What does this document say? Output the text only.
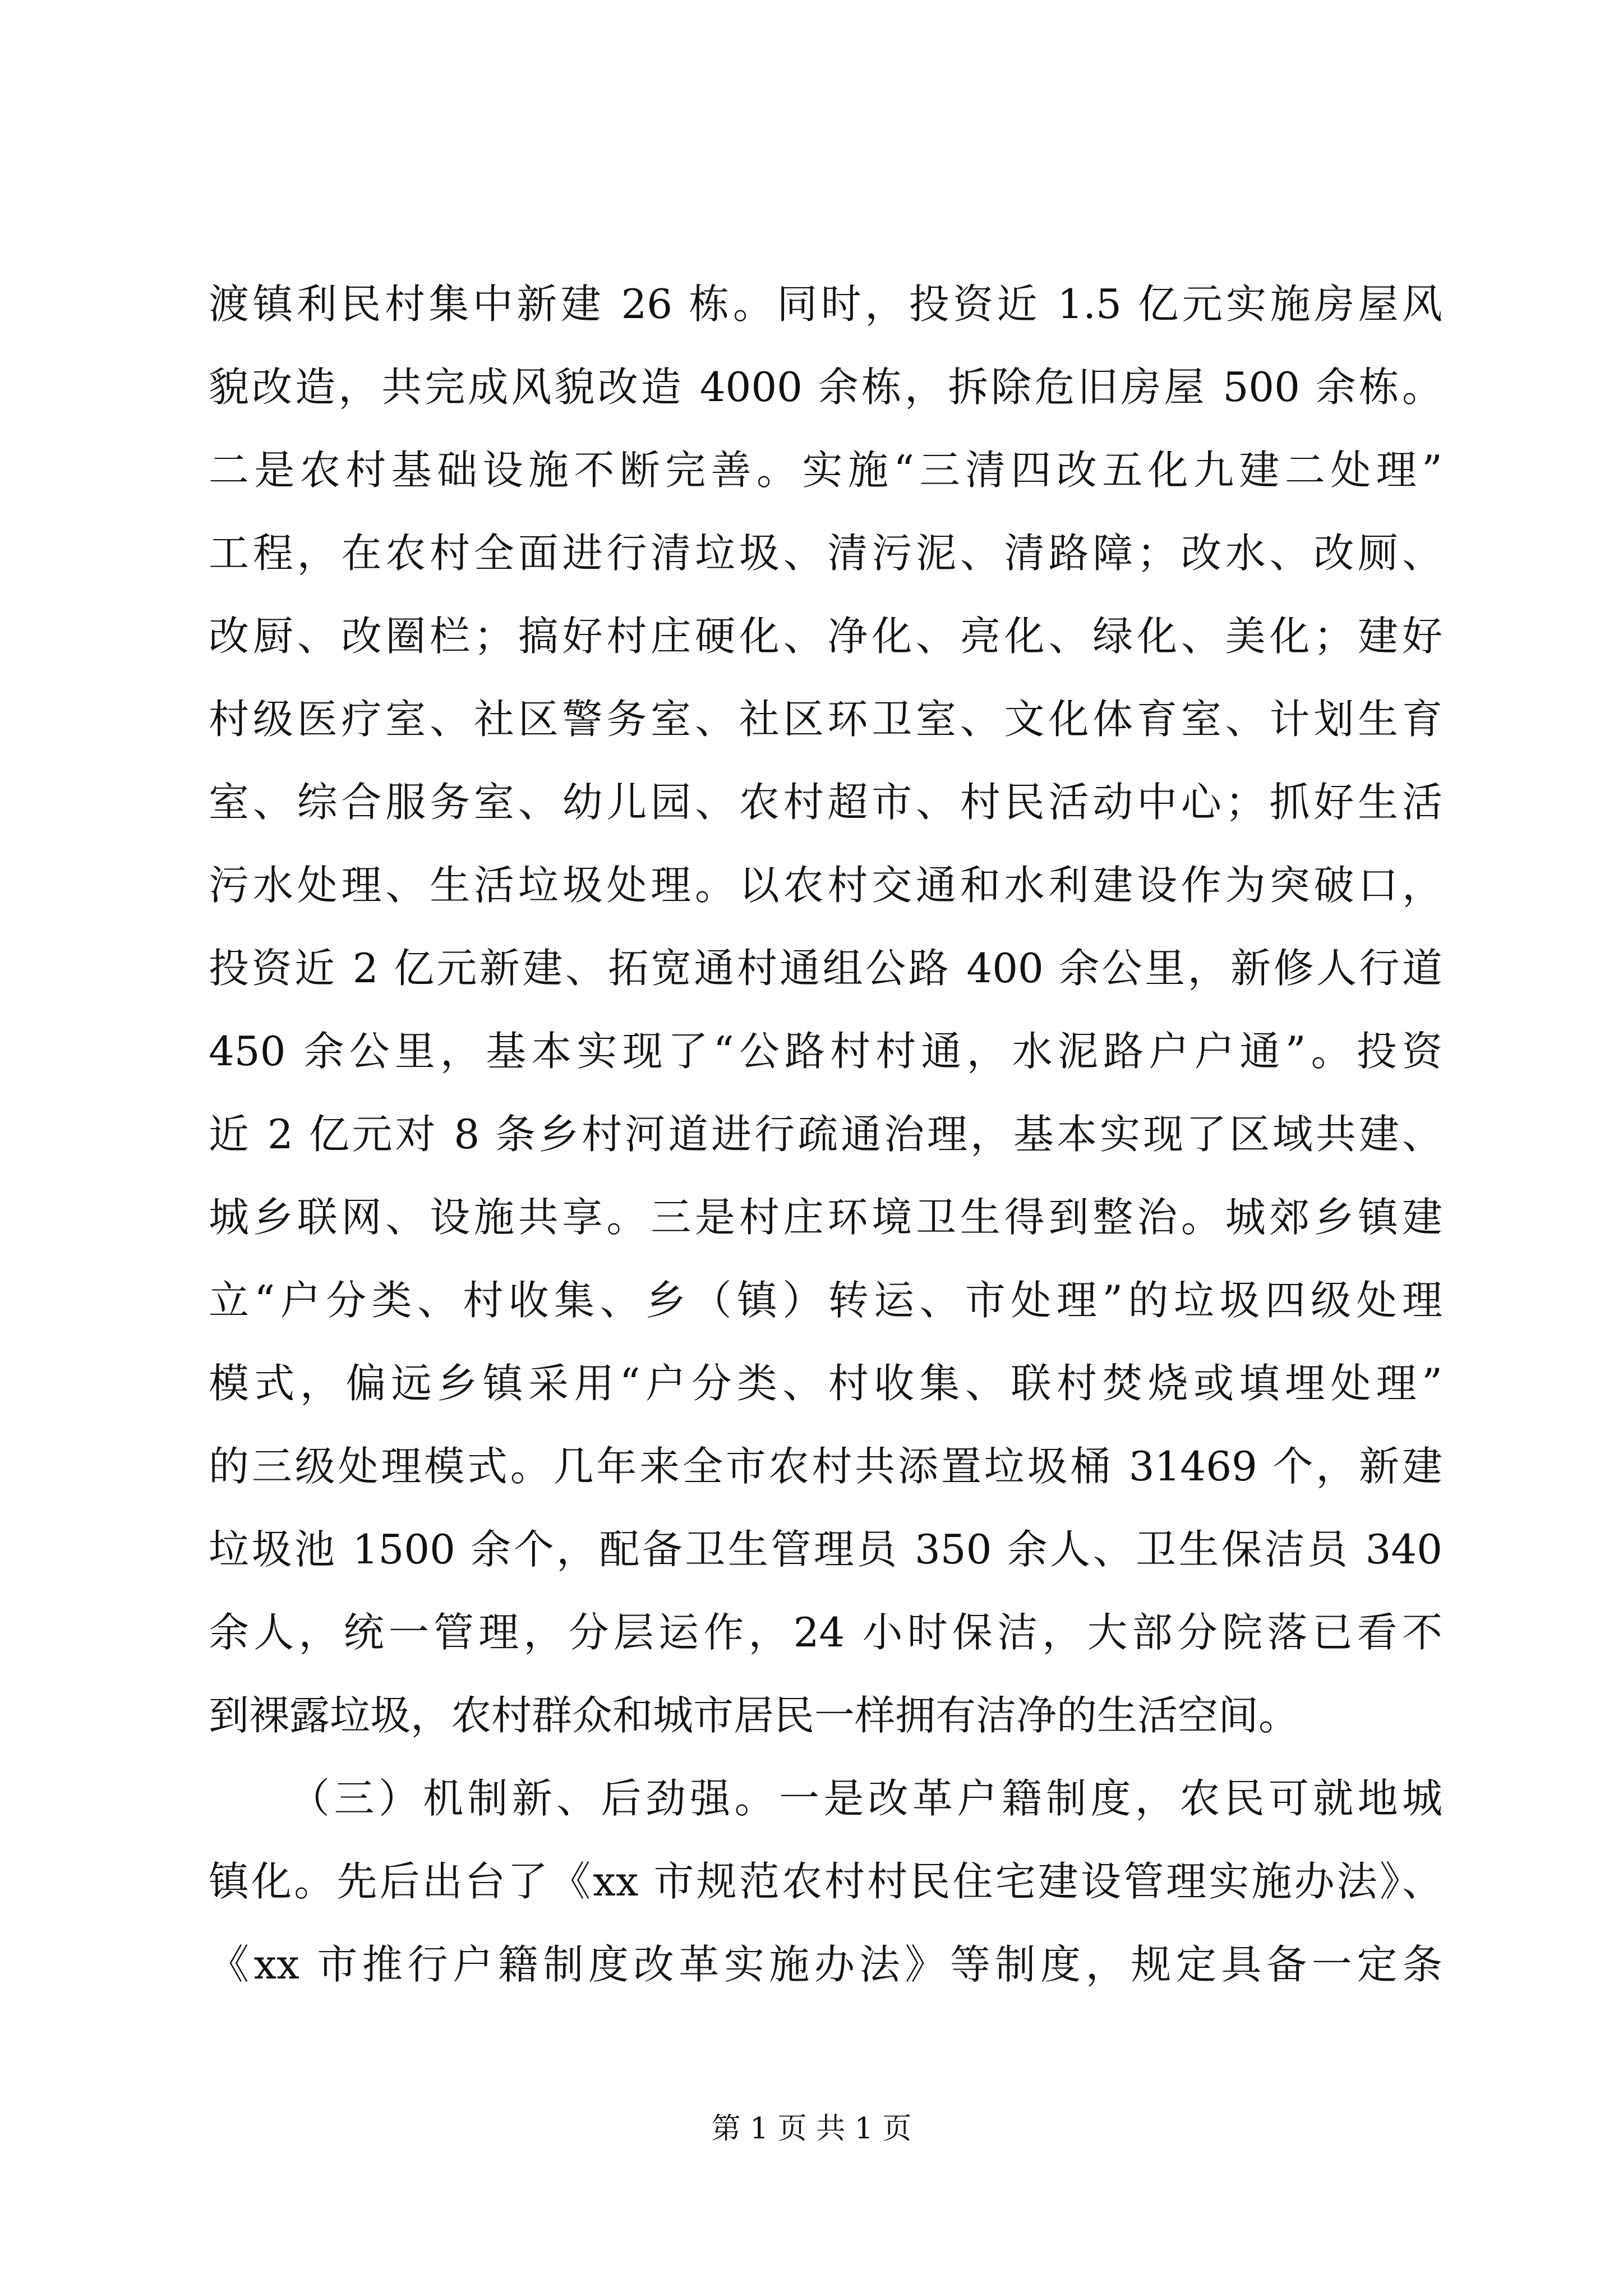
渡镇利民村集中新建 26 栋。同时，投资近 1.5 亿元实施房屋风
貌改造，共完成风貌改造 4000 余栋，拆除危旧房屋 500 余栋。
二是农村基础设施不断完善。实施“三清四改五化九建二处理”
工程，在农村全面进行清垃圾、清污泥、清路障；改水、改厕、
改厨、改圈栏；搞好村庄硬化、净化、亮化、绿化、美化；建好
村级医疗室、社区警务室、社区环卫室、文化体育室、计划生育
室、综合服务室、幼儿园、农村超市、村民活动中心；抓好生活
污水处理、生活垃圾处理。以农村交通和水利建设作为突破口，
投资近 2 亿元新建、拓宽通村通组公路 400 余公里，新修人行道
450 余公里，基本实现了“公路村村通，水泥路户户通”。投资
近 2 亿元对 8 条乡村河道进行疏通治理，基本实现了区域共建、
城乡联网、设施共享。三是村庄环境卫生得到整治。城郊乡镇建
立“户分类、村收集、乡（镇）转运、市处理”的垃圾四级处理
模式，偏远乡镇采用“户分类、村收集、联村焚烧或填埋处理”
的三级处理模式。几年来全市农村共添置垃圾桶 31469 个，新建
垃圾池 1500 余个，配备卫生管理员 350 余人、卫生保洁员 340
余人，统一管理，分层运作，24 小时保洁，大部分院落已看不
到裸露垃圾，农村群众和城市居民一样拥有洁净的生活空间。
（三）机制新、后劲强。一是改革户籍制度，农民可就地城
镇化。先后出台了《xx 市规范农村村民住宅建设管理实施办法》、
《xx 市推行户籍制度改革实施办法》等制度，规定具备一定条
第 1 页 共 1 页
